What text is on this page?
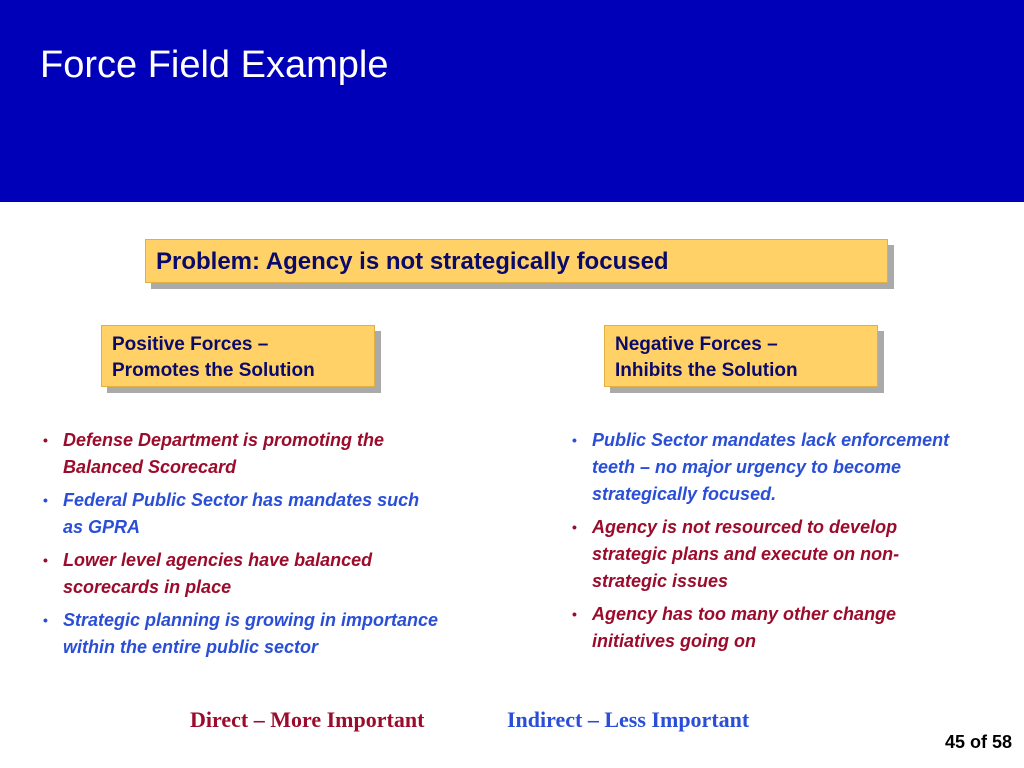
Force Field Example
Problem: Agency is not strategically focused
Positive Forces –
Promotes the Solution
Negative Forces –
Inhibits the Solution
• Defense Department is promoting the Balanced Scorecard
• Federal Public Sector has mandates such as GPRA
• Lower level agencies have balanced scorecards in place
• Strategic planning is growing in importance within the entire public sector
• Public Sector mandates lack enforcement teeth – no major urgency to become strategically focused.
• Agency is not resourced to develop strategic plans and execute on non-strategic issues
• Agency has too many other change initiatives going on
Direct – More Important	Indirect – Less Important
45 of 58
